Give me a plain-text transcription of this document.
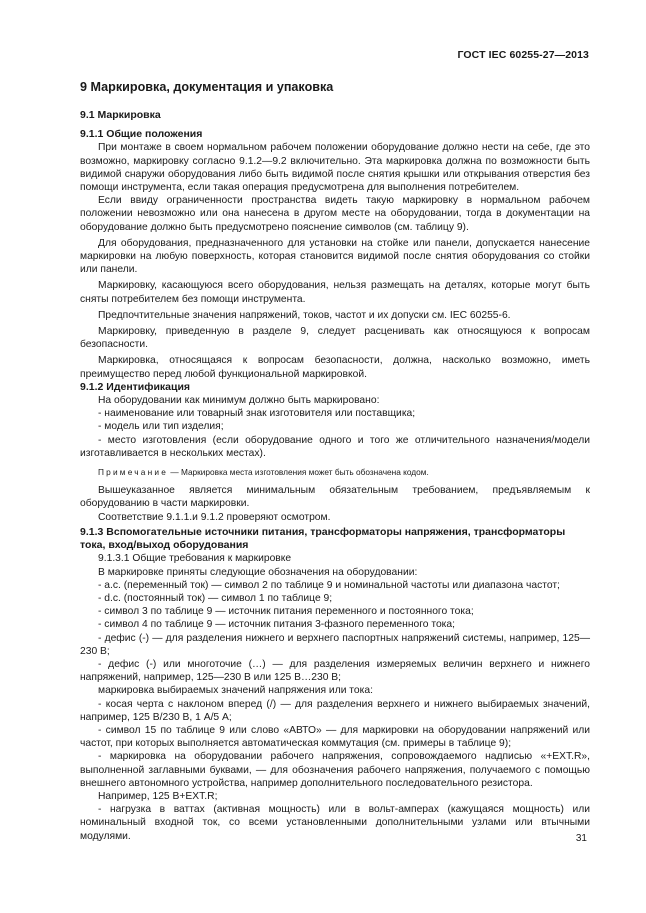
ГОСТ IEC 60255-27—2013
9 Маркировка, документация и упаковка
9.1 Маркировка
9.1.1 Общие положения

При монтаже в своем нормальном рабочем положении оборудование должно нести на себе, где это возможно, маркировку согласно 9.1.2—9.2 включительно. Эта маркировка должна по возможности быть видимой снаружи оборудования либо быть видимой после снятия крышки или открывания отверстия без помощи инструмента, если такая операция предусмотрена для выполнения потребителем.

Если ввиду ограниченности пространства видеть такую маркировку в нормальном рабочем положении невозможно или она нанесена в другом месте на оборудовании, тогда в документации на оборудование должно быть предусмотрено пояснение символов (см. таблицу 9).

Для оборудования, предназначенного для установки на стойке или панели, допускается нанесение маркировки на любую поверхность, которая становится видимой после снятия оборудования со стойки или панели.

Маркировку, касающуюся всего оборудования, нельзя размещать на деталях, которые могут быть сняты потребителем без помощи инструмента.

Предпочтительные значения напряжений, токов, частот и их допуски см. IEC 60255-6.

Маркировку, приведенную в разделе 9, следует расценивать как относящуюся к вопросам безопасности.

Маркировка, относящаяся к вопросам безопасности, должна, насколько возможно, иметь преимущество перед любой функциональной маркировкой.

9.1.2 Идентификация

На оборудовании как минимум должно быть маркировано:

- наименование или товарный знак изготовителя или поставщика;

- модель или тип изделия;

- место изготовления (если оборудование одного и того же отличительного назначения/модели изготавливается в нескольких местах).

Примечание — Маркировка места изготовления может быть обозначена кодом.

Вышеуказанное является минимальным обязательным требованием, предъявляемым к оборудованию в части маркировки.

Соответствие 9.1.1.и 9.1.2 проверяют осмотром.

9.1.3 Вспомогательные источники питания, трансформаторы напряжения, трансформаторы тока, вход/выход оборудования

9.1.3.1 Общие требования к маркировке

В маркировке приняты следующие обозначения на оборудовании:

- a.c. (переменный ток) — символ 2 по таблице 9 и номинальной частоты или диапазона частот;

- d.c. (постоянный ток) — символ 1 по таблице 9;

- символ 3 по таблице 9 — источник питания переменного и постоянного тока;

- символ 4 по таблице 9 — источник питания 3-фазного переменного тока;

- дефис (-) — для разделения нижнего и верхнего паспортных напряжений системы, например, 125—230 В;

- дефис (-) или многоточие (…) — для разделения измеряемых величин верхнего и нижнего напряжений, например, 125—230 В или 125 В…230 В;

маркировка выбираемых значений напряжения или тока:

- косая черта с наклоном вперед (/) — для разделения верхнего и нижнего выбираемых значений, например, 125 В/230 В, 1 А/5 А;

- символ 15 по таблице 9 или слово «АВТО» — для маркировки на оборудовании напряжений или частот, при которых выполняется автоматическая коммутация (см. примеры в таблице 9);

- маркировка на оборудовании рабочего напряжения, сопровождаемого надписью «+EXT.R», выполненной заглавными буквами, — для обозначения рабочего напряжения, получаемого с помощью внешнего автономного устройства, например дополнительного последовательного резистора.

Например, 125 В+EXT.R;

- нагрузка в ваттах (активная мощность) или в вольт-амперах (кажущаяся мощность) или номинальный входной ток, со всеми установленными дополнительными узлами или втычными модулями.	31
